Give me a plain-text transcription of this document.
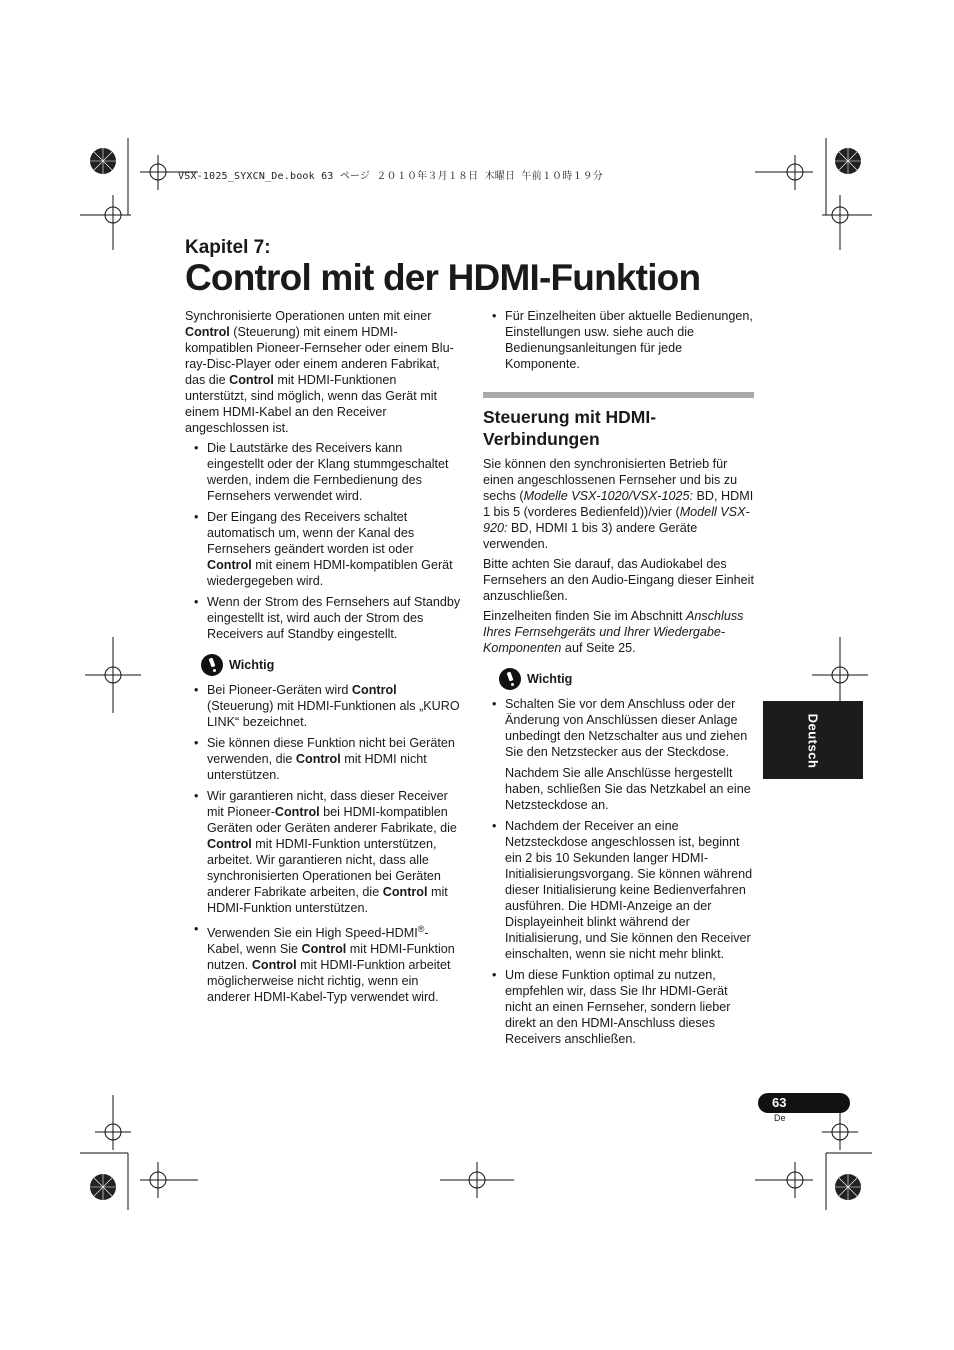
VSX-1025_SYXCN_De.book 63 ページ ２０１０年３月１８日 木曜日 午前１０時１９分
Kapitel 7:
Control mit der HDMI-Funktion

Synchronisierte Operationen unten mit einer Control (Steuerung) mit einem HDMI-kompatiblen Pioneer-Fernseher oder einem Blu-ray-Disc-Player oder einem anderen Fabrikat, das die Control mit HDMI-Funktionen unterstützt, sind möglich, wenn das Gerät mit einem HDMI-Kabel an den Receiver angeschlossen ist.

• Die Lautstärke des Receivers kann eingestellt oder der Klang stummgeschaltet werden, indem die Fernbedienung des Fernsehers verwendet wird.
• Der Eingang des Receivers schaltet automatisch um, wenn der Kanal des Fernsehers geändert worden ist oder Control mit einem HDMI-kompatiblen Gerät wiedergegeben wird.
• Wenn der Strom des Fernsehers auf Standby eingestellt ist, wird auch der Strom des Receivers auf Standby eingestellt.
Wichtig
• Bei Pioneer-Geräten wird Control (Steuerung) mit HDMI-Funktionen als „KURO LINK“ bezeichnet.
• Sie können diese Funktion nicht bei Geräten verwenden, die Control mit HDMI nicht unterstützen.
• Wir garantieren nicht, dass dieser Receiver mit Pioneer-Control bei HDMI-kompatiblen Geräten oder Geräten anderer Fabrikate, die Control mit HDMI-Funktion unterstützen, arbeitet. Wir garantieren nicht, dass alle synchronisierten Operationen bei Geräten anderer Fabrikate arbeiten, die Control mit HDMI-Funktion unterstützen.
• Verwenden Sie ein High Speed-HDMI®-Kabel, wenn Sie Control mit HDMI-Funktion nutzen. Control mit HDMI-Funktion arbeitet möglicherweise nicht richtig, wenn ein anderer HDMI-Kabel-Typ verwendet wird.
• Für Einzelheiten über aktuelle Bedienungen, Einstellungen usw. siehe auch die Bedienungsanleitungen für jede Komponente.
Steuerung mit HDMI-Verbindungen

Sie können den synchronisierten Betrieb für einen angeschlossenen Fernseher und bis zu sechs (Modelle VSX-1020/VSX-1025: BD, HDMI 1 bis 5 (vorderes Bedienfeld))/vier (Modell VSX-920: BD, HDMI 1 bis 3) andere Geräte verwenden.

Bitte achten Sie darauf, das Audiokabel des Fernsehers an den Audio-Eingang dieser Einheit anzuschließen.

Einzelheiten finden Sie im Abschnitt Anschluss Ihres Fernsehgeräts und Ihrer Wiedergabe-Komponenten auf Seite 25.

Wichtig
• Schalten Sie vor dem Anschluss oder der Änderung von Anschlüssen dieser Anlage unbedingt den Netzschalter aus und ziehen Sie den Netzstecker aus der Steckdose.
Nachdem Sie alle Anschlüsse hergestellt haben, schließen Sie das Netzkabel an eine Netzsteckdose an.
• Nachdem der Receiver an eine Netzsteckdose angeschlossen ist, beginnt ein 2 bis 10 Sekunden langer HDMI-Initialisierungsvorgang. Sie können während dieser Initialisierung keine Bedienverfahren ausführen. Die HDMI-Anzeige an der Displayeinheit blinkt während der Initialisierung, und Sie können den Receiver einschalten, wenn sie nicht mehr blinkt.
• Um diese Funktion optimal zu nutzen, empfehlen wir, dass Sie Ihr HDMI-Gerät nicht an einen Fernseher, sondern lieber direkt an den HDMI-Anschluss dieses Receivers anschließen.
Deutsch
63
De
